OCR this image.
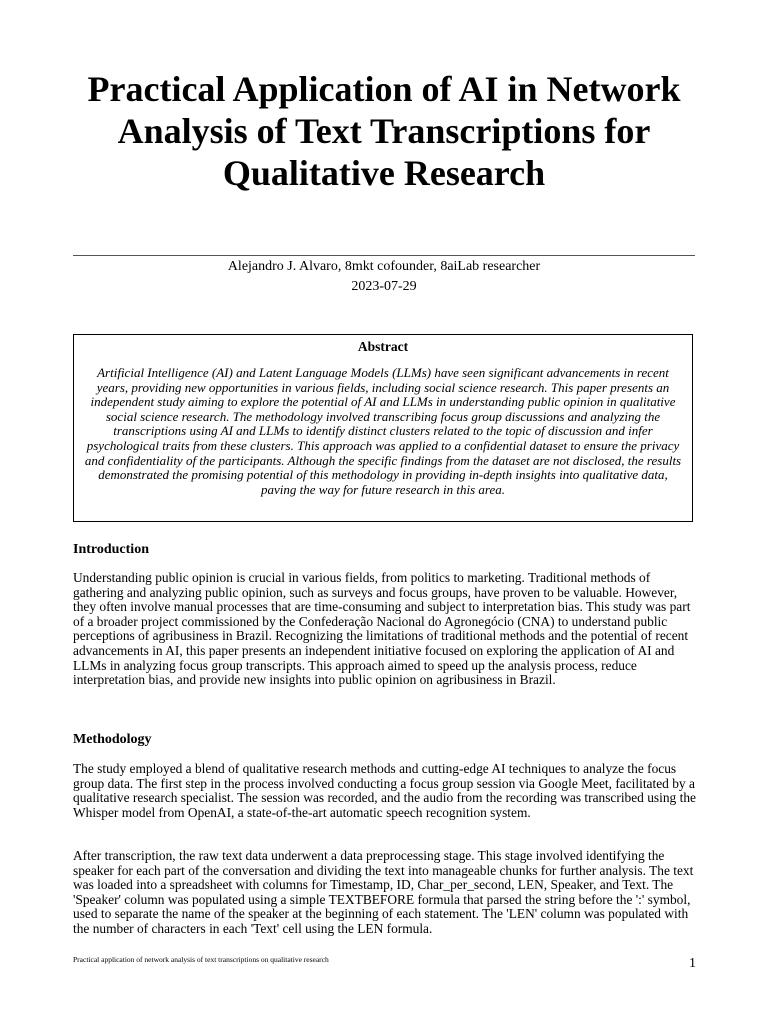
Practical Application of AI in Network Analysis of Text Transcriptions for Qualitative Research
Alejandro J. Alvaro, 8mkt cofounder, 8aiLab researcher
2023-07-29
Abstract
Artificial Intelligence (AI) and Latent Language Models (LLMs) have seen significant advancements in recent years, providing new opportunities in various fields, including social science research. This paper presents an independent study aiming to explore the potential of AI and LLMs in understanding public opinion in qualitative social science research. The methodology involved transcribing focus group discussions and analyzing the transcriptions using AI and LLMs to identify distinct clusters related to the topic of discussion and infer psychological traits from these clusters. This approach was applied to a confidential dataset to ensure the privacy and confidentiality of the participants. Although the specific findings from the dataset are not disclosed, the results demonstrated the promising potential of this methodology in providing in-depth insights into qualitative data, paving the way for future research in this area.
Introduction

Understanding public opinion is crucial in various fields, from politics to marketing. Traditional methods of gathering and analyzing public opinion, such as surveys and focus groups, have proven to be valuable. However, they often involve manual processes that are time-consuming and subject to interpretation bias. This study was part of a broader project commissioned by the Confederação Nacional do Agronegócio (CNA) to understand public perceptions of agribusiness in Brazil. Recognizing the limitations of traditional methods and the potential of recent advancements in AI, this paper presents an independent initiative focused on exploring the application of AI and LLMs in analyzing focus group transcripts. This approach aimed to speed up the analysis process, reduce interpretation bias, and provide new insights into public opinion on agribusiness in Brazil.

Methodology

The study employed a blend of qualitative research methods and cutting-edge AI techniques to analyze the focus group data. The first step in the process involved conducting a focus group session via Google Meet, facilitated by a qualitative research specialist. The session was recorded, and the audio from the recording was transcribed using the Whisper model from OpenAI, a state-of-the-art automatic speech recognition system.

After transcription, the raw text data underwent a data preprocessing stage. This stage involved identifying the speaker for each part of the conversation and dividing the text into manageable chunks for further analysis. The text was loaded into a spreadsheet with columns for Timestamp, ID, Char_per_second, LEN, Speaker, and Text. The 'Speaker' column was populated using a simple TEXTBEFORE formula that parsed the string before the ':' symbol, used to separate the name of the speaker at the beginning of each statement. The 'LEN' column was populated with the number of characters in each 'Text' cell using the LEN formula.

Practical application of network analysis of text transcriptions on qualitative research	1
